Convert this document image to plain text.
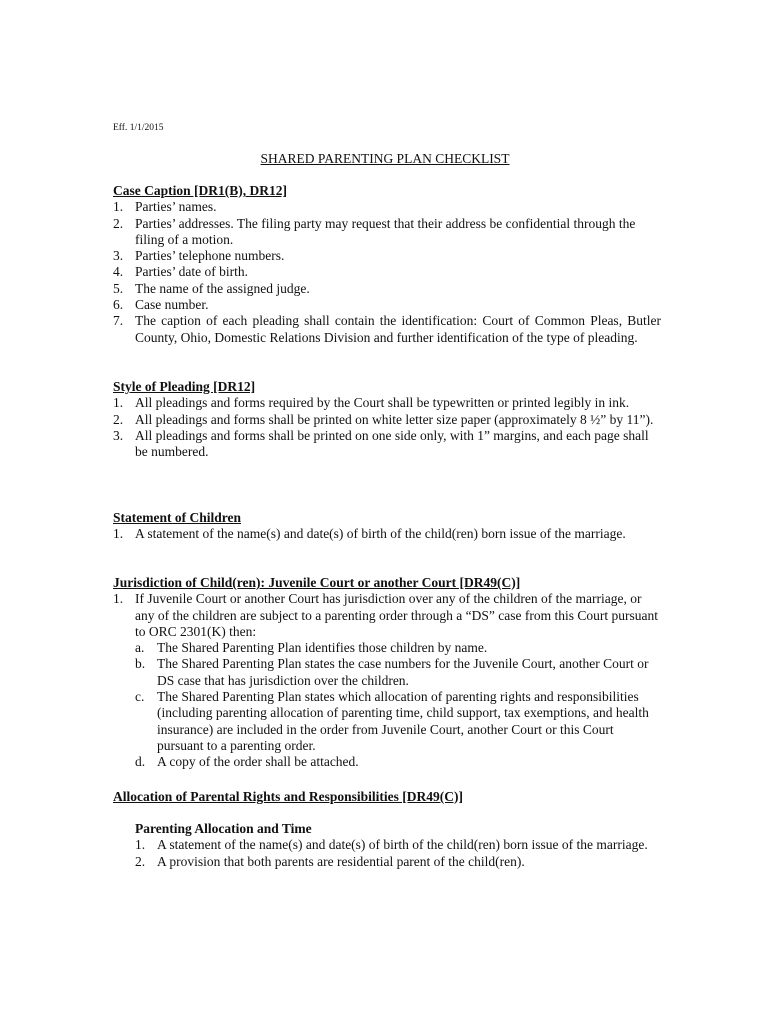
Eff. 1/1/2015
SHARED PARENTING PLAN CHECKLIST
Case Caption [DR1(B), DR12]
1. Parties’ names.
2. Parties’ addresses. The filing party may request that their address be confidential through the filing of a motion.
3. Parties’ telephone numbers.
4. Parties’ date of birth.
5. The name of the assigned judge.
6. Case number.
7. The caption of each pleading shall contain the identification: Court of Common Pleas, Butler County, Ohio, Domestic Relations Division and further identification of the type of pleading.
Style of Pleading [DR12]
1. All pleadings and forms required by the Court shall be typewritten or printed legibly in ink.
2. All pleadings and forms shall be printed on white letter size paper (approximately 8 ½” by 11”).
3. All pleadings and forms shall be printed on one side only, with 1” margins, and each page shall be numbered.
Statement of Children
1. A statement of the name(s) and date(s) of birth of the child(ren) born issue of the marriage.
Jurisdiction of Child(ren): Juvenile Court or another Court [DR49(C)]
1. If Juvenile Court or another Court has jurisdiction over any of the children of the marriage, or any of the children are subject to a parenting order through a “DS” case from this Court pursuant to ORC 2301(K) then:
a. The Shared Parenting Plan identifies those children by name.
b. The Shared Parenting Plan states the case numbers for the Juvenile Court, another Court or DS case that has jurisdiction over the children.
c. The Shared Parenting Plan states which allocation of parenting rights and responsibilities (including parenting allocation of parenting time, child support, tax exemptions, and health insurance) are included in the order from Juvenile Court, another Court or this Court pursuant to a parenting order.
d. A copy of the order shall be attached.
Allocation of Parental Rights and Responsibilities [DR49(C)]
Parenting Allocation and Time
1. A statement of the name(s) and date(s) of birth of the child(ren) born issue of the marriage.
2. A provision that both parents are residential parent of the child(ren).
